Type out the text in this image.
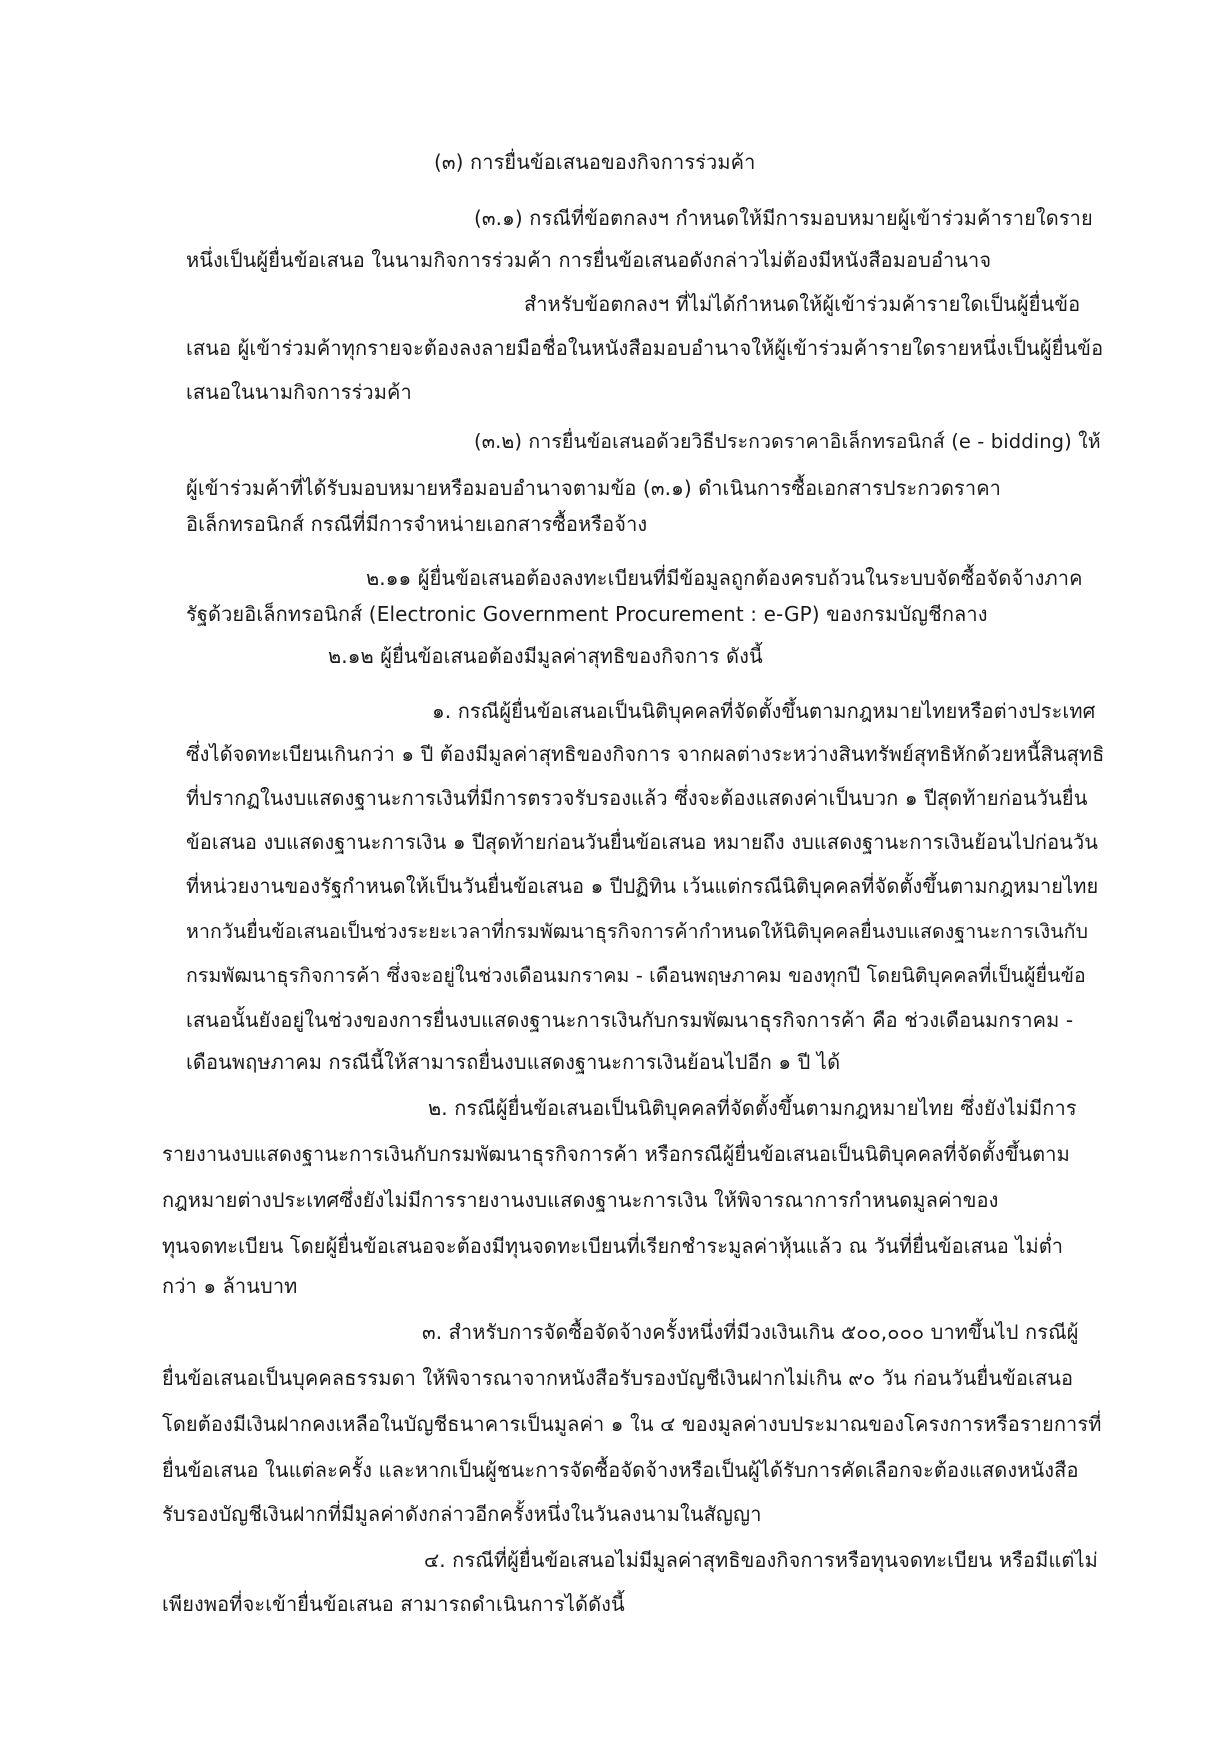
(๓) การยื่นข้อเสนอของกิจการร่วมค้า
(๓.๑) กรณีที่ข้อตกลงฯ กำหนดให้มีการมอบหมายผู้เข้าร่วมค้ารายใดราย
หนึ่งเป็นผู้ยื่นข้อเสนอ ในนามกิจการร่วมค้า การยื่นข้อเสนอดังกล่าวไม่ต้องมีหนังสือมอบอำนาจ
สำหรับข้อตกลงฯ ที่ไม่ได้กำหนดให้ผู้เข้าร่วมค้ารายใดเป็นผู้ยื่นข้อ
เสนอ ผู้เข้าร่วมค้าทุกรายจะต้องลงลายมือชื่อในหนังสือมอบอำนาจให้ผู้เข้าร่วมค้ารายใดรายหนึ่งเป็นผู้ยื่นข้อ
เสนอในนามกิจการร่วมค้า
(๓.๒) การยื่นข้อเสนอด้วยวิธีประกวดราคาอิเล็กทรอนิกส์ (e - bidding) ให้
ผู้เข้าร่วมค้าที่ได้รับมอบหมายหรือมอบอำนาจตามข้อ (๓.๑) ดำเนินการซื้อเอกสารประกวดราคา
อิเล็กทรอนิกส์ กรณีที่มีการจำหน่ายเอกสารซื้อหรือจ้าง
๒.๑๑ ผู้ยื่นข้อเสนอต้องลงทะเบียนที่มีข้อมูลถูกต้องครบถ้วนในระบบจัดซื้อจัดจ้างภาค
รัฐด้วยอิเล็กทรอนิกส์ (Electronic Government Procurement : e-GP) ของกรมบัญชีกลาง
๒.๑๒ ผู้ยื่นข้อเสนอต้องมีมูลค่าสุทธิของกิจการ ดังนี้
๑. กรณีผู้ยื่นข้อเสนอเป็นนิติบุคคลที่จัดตั้งขึ้นตามกฎหมายไทยหรือต่างประเทศ
ซึ่งได้จดทะเบียนเกินกว่า ๑ ปี ต้องมีมูลค่าสุทธิของกิจการ จากผลต่างระหว่างสินทรัพย์สุทธิหักด้วยหนี้สินสุทธิ
ที่ปรากฏในงบแสดงฐานะการเงินที่มีการตรวจรับรองแล้ว ซึ่งจะต้องแสดงค่าเป็นบวก ๑ ปีสุดท้ายก่อนวันยื่น
ข้อเสนอ งบแสดงฐานะการเงิน ๑ ปีสุดท้ายก่อนวันยื่นข้อเสนอ หมายถึง งบแสดงฐานะการเงินย้อนไปก่อนวัน
ที่หน่วยงานของรัฐกำหนดให้เป็นวันยื่นข้อเสนอ ๑ ปีปฏิทิน เว้นแต่กรณีนิติบุคคลที่จัดตั้งขึ้นตามกฎหมายไทย
หากวันยื่นข้อเสนอเป็นช่วงระยะเวลาที่กรมพัฒนาธุรกิจการค้ากำหนดให้นิติบุคคลยื่นงบแสดงฐานะการเงินกับ
กรมพัฒนาธุรกิจการค้า ซึ่งจะอยู่ในช่วงเดือนมกราคม - เดือนพฤษภาคม ของทุกปี โดยนิติบุคคลที่เป็นผู้ยื่นข้อ
เสนอนั้นยังอยู่ในช่วงของการยื่นงบแสดงฐานะการเงินกับกรมพัฒนาธุรกิจการค้า คือ ช่วงเดือนมกราคม -
เดือนพฤษภาคม กรณีนี้ให้สามารถยื่นงบแสดงฐานะการเงินย้อนไปอีก ๑ ปี ได้
๒. กรณีผู้ยื่นข้อเสนอเป็นนิติบุคคลที่จัดตั้งขึ้นตามกฎหมายไทย ซึ่งยังไม่มีการ
รายงานงบแสดงฐานะการเงินกับกรมพัฒนาธุรกิจการค้า หรือกรณีผู้ยื่นข้อเสนอเป็นนิติบุคคลที่จัดตั้งขึ้นตาม
กฎหมายต่างประเทศซึ่งยังไม่มีการรายงานงบแสดงฐานะการเงิน ให้พิจารณาการกำหนดมูลค่าของ
ทุนจดทะเบียน โดยผู้ยื่นข้อเสนอจะต้องมีทุนจดทะเบียนที่เรียกชำระมูลค่าหุ้นแล้ว ณ วันที่ยื่นข้อเสนอ ไม่ต่ำ
กว่า ๑ ล้านบาท
๓. สำหรับการจัดซื้อจัดจ้างครั้งหนึ่งที่มีวงเงินเกิน ๕๐๐,๐๐๐ บาทขึ้นไป กรณีผู้
ยื่นข้อเสนอเป็นบุคคลธรรมดา ให้พิจารณาจากหนังสือรับรองบัญชีเงินฝากไม่เกิน ๙๐ วัน ก่อนวันยื่นข้อเสนอ
โดยต้องมีเงินฝากคงเหลือในบัญชีธนาคารเป็นมูลค่า ๑ ใน ๔ ของมูลค่างบประมาณของโครงการหรือรายการที่
ยื่นข้อเสนอ ในแต่ละครั้ง และหากเป็นผู้ชนะการจัดซื้อจัดจ้างหรือเป็นผู้ได้รับการคัดเลือกจะต้องแสดงหนังสือ
รับรองบัญชีเงินฝากที่มีมูลค่าดังกล่าวอีกครั้งหนึ่งในวันลงนามในสัญญา
๔. กรณีที่ผู้ยื่นข้อเสนอไม่มีมูลค่าสุทธิของกิจการหรือทุนจดทะเบียน หรือมีแต่ไม่
เพียงพอที่จะเข้ายื่นข้อเสนอ สามารถดำเนินการได้ดังนี้
